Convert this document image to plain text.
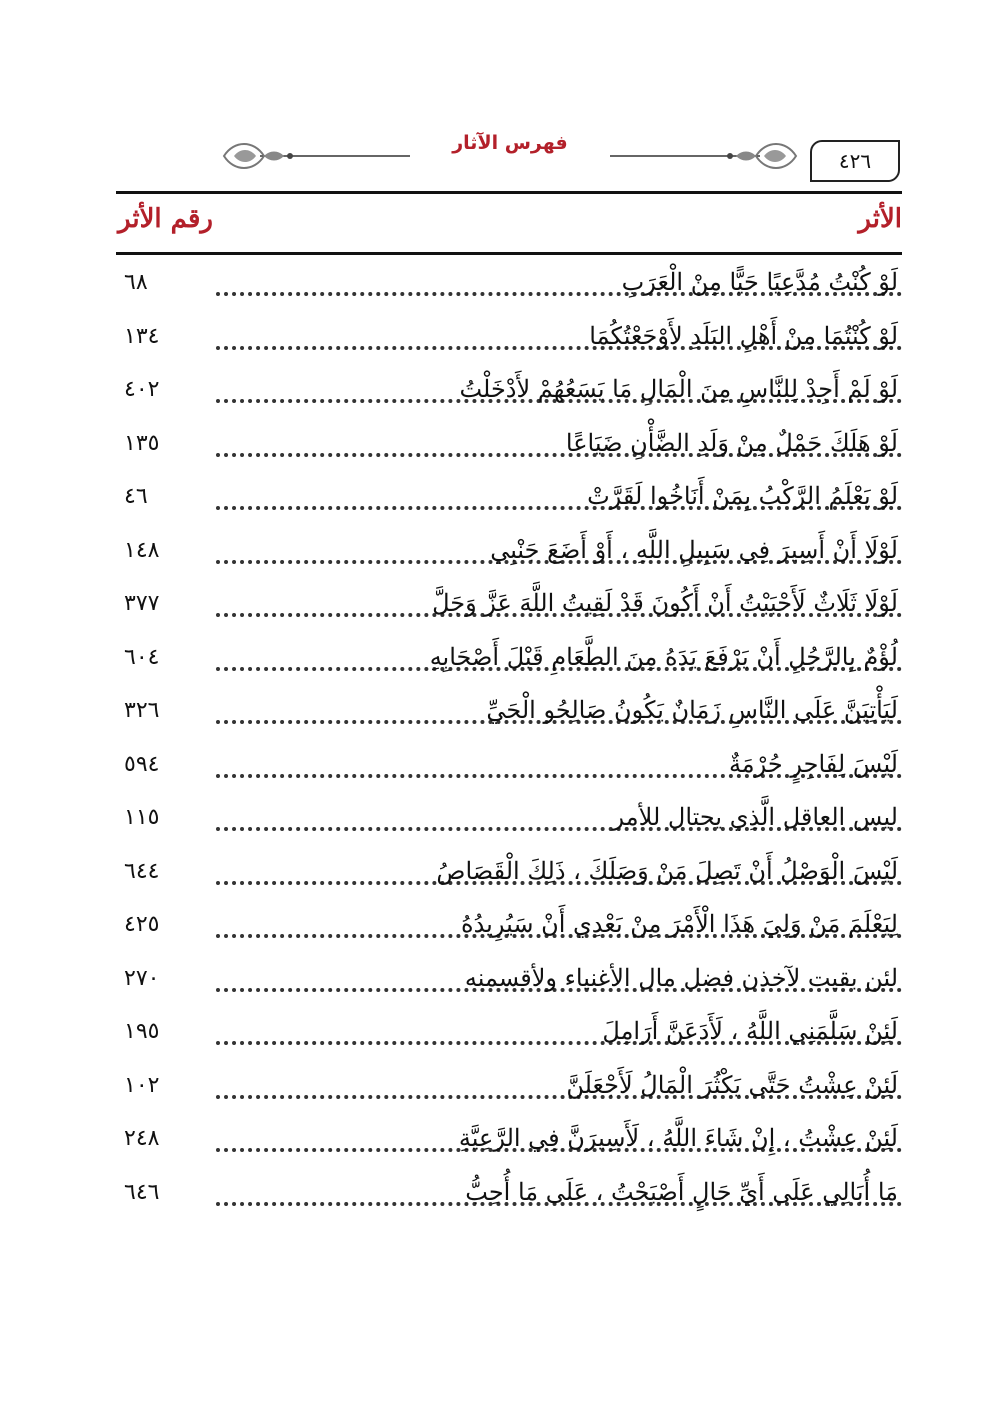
فهرس الآثار
٤٢٦
الأثر
رقم الأثر
لَوْ كُنْتُ مُدَّعِيًا حَيًّا مِنْ الْعَرَبِ
٦٨
لَوْ كُنْتُمَا مِنْ أَهْلِ البَلَدِ لأَوْجَعْتُكُمَا
١٣٤
لَوْ لَمْ أَجِدْ لِلنَّاسِ مِنَ الْمَالِ مَا يَسَعُهُمْ لأَدْخَلْتُ
٤٠٢
لَوْ هَلَكَ حَمْلٌ مِنْ وَلَدِ الضَّأْنِ ضَيَاعًا
١٣٥
لَوْ يَعْلَمُ الرَّكْبُ بِمَنْ أَنَاخُوا لَقَرَّتْ
٤٦
لَوْلَا أَنْ أَسِيرَ فِي سَبِيلِ اللَّهِ ، أَوْ أَضَعَ جَنْبِي
١٤٨
لَوْلَا ثَلَاثٌ لَأَحْبَبْتُ أَنْ أَكُونَ قَدْ لَقِيتُ اللَّهَ عَزَّ وَجَلَّ
٣٧٧
لُؤْمٌ بِالرَّجُلِ أَنْ يَرْفَعَ يَدَهُ مِنَ الطَّعَامِ قَبْلَ أَصْحَابِهِ
٦٠٤
لَيَأْتِيَنَّ عَلَى النَّاسِ زَمَانٌ يَكُونُ صَالِحُو الْحَيِّ
٣٢٦
لَيْسَ لِفَاجِرٍ حُرْمَةٌ
٥٩٤
ليس العاقل الَّذِي يحتال للأمر
١١٥
لَيْسَ الْوَصْلُ أَنْ تَصِلَ مَنْ وَصَلَكَ ، ذَلِكَ الْقَصَاصُ
٦٤٤
لِيَعْلَمَ مَنْ وَلِيَ هَذَا الْأَمْرَ مِنْ بَعْدِي أَنْ سَيُرِيدُهُ
٤٢٥
لئن بقيت لآخذن فضل مال الأغنياء ولأقسمنه
٢٧٠
لَئِنْ سَلَّمَنِي اللَّهُ ، لَأَدَعَنَّ أَرَامِلَ
١٩٥
لَئِنْ عِشْتُ حَتَّى يَكْثُرَ الْمَالُ لَأَجْعَلَنَّ
١٠٢
لَئِنْ عِشْتُ ، إِنْ شَاءَ اللَّهُ ، لَأَسِيرَنَّ فِي الرَّعِيَّةِ
٢٤٨
مَا أُبَالِي عَلَى أَيِّ حَالٍ أَصْبَحْتُ ، عَلَى مَا أُحِبُّ
٦٤٦
